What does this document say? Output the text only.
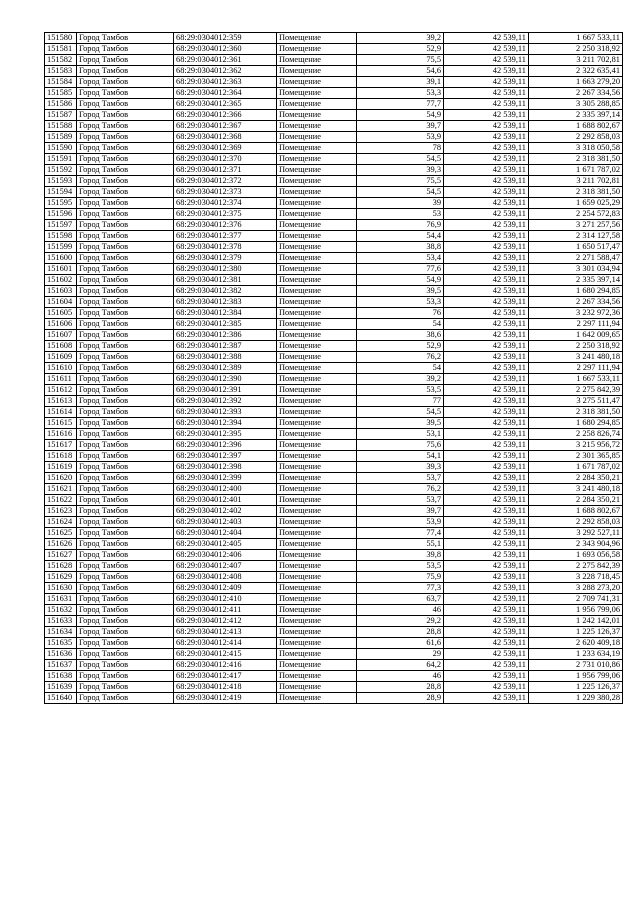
151580	Город Тамбов	68:29:0304012:359	Помещение	39,2	42 539,11	1 667 533,11
151581	Город Тамбов	68:29:0304012:360	Помещение	52,9	42 539,11	2 250 318,92
151582	Город Тамбов	68:29:0304012:361	Помещение	75,5	42 539,11	3 211 702,81
151583	Город Тамбов	68:29:0304012:362	Помещение	54,6	42 539,11	2 322 635,41
151584	Город Тамбов	68:29:0304012:363	Помещение	39,1	42 539,11	1 663 279,20
151585	Город Тамбов	68:29:0304012:364	Помещение	53,3	42 539,11	2 267 334,56
151586	Город Тамбов	68:29:0304012:365	Помещение	77,7	42 539,11	3 305 288,85
151587	Город Тамбов	68:29:0304012:366	Помещение	54,9	42 539,11	2 335 397,14
151588	Город Тамбов	68:29:0304012:367	Помещение	39,7	42 539,11	1 688 802,67
151589	Город Тамбов	68:29:0304012:368	Помещение	53,9	42 539,11	2 292 858,03
151590	Город Тамбов	68:29:0304012:369	Помещение	78	42 539,11	3 318 050,58
151591	Город Тамбов	68:29:0304012:370	Помещение	54,5	42 539,11	2 318 381,50
151592	Город Тамбов	68:29:0304012:371	Помещение	39,3	42 539,11	1 671 787,02
151593	Город Тамбов	68:29:0304012:372	Помещение	75,5	42 539,11	3 211 702,81
151594	Город Тамбов	68:29:0304012:373	Помещение	54,5	42 539,11	2 318 381,50
151595	Город Тамбов	68:29:0304012:374	Помещение	39	42 539,11	1 659 025,29
151596	Город Тамбов	68:29:0304012:375	Помещение	53	42 539,11	2 254 572,83
151597	Город Тамбов	68:29:0304012:376	Помещение	76,9	42 539,11	3 271 257,56
151598	Город Тамбов	68:29:0304012:377	Помещение	54,4	42 539,11	2 314 127,58
151599	Город Тамбов	68:29:0304012:378	Помещение	38,8	42 539,11	1 650 517,47
151600	Город Тамбов	68:29:0304012:379	Помещение	53,4	42 539,11	2 271 588,47
151601	Город Тамбов	68:29:0304012:380	Помещение	77,6	42 539,11	3 301 034,94
151602	Город Тамбов	68:29:0304012:381	Помещение	54,9	42 539,11	2 335 397,14
151603	Город Тамбов	68:29:0304012:382	Помещение	39,5	42 539,11	1 680 294,85
151604	Город Тамбов	68:29:0304012:383	Помещение	53,3	42 539,11	2 267 334,56
151605	Город Тамбов	68:29:0304012:384	Помещение	76	42 539,11	3 232 972,36
151606	Город Тамбов	68:29:0304012:385	Помещение	54	42 539,11	2 297 111,94
151607	Город Тамбов	68:29:0304012:386	Помещение	38,6	42 539,11	1 642 009,65
151608	Город Тамбов	68:29:0304012:387	Помещение	52,9	42 539,11	2 250 318,92
151609	Город Тамбов	68:29:0304012:388	Помещение	76,2	42 539,11	3 241 480,18
151610	Город Тамбов	68:29:0304012:389	Помещение	54	42 539,11	2 297 111,94
151611	Город Тамбов	68:29:0304012:390	Помещение	39,2	42 539,11	1 667 533,11
151612	Город Тамбов	68:29:0304012:391	Помещение	53,5	42 539,11	2 275 842,39
151613	Город Тамбов	68:29:0304012:392	Помещение	77	42 539,11	3 275 511,47
151614	Город Тамбов	68:29:0304012:393	Помещение	54,5	42 539,11	2 318 381,50
151615	Город Тамбов	68:29:0304012:394	Помещение	39,5	42 539,11	1 680 294,85
151616	Город Тамбов	68:29:0304012:395	Помещение	53,1	42 539,11	2 258 826,74
151617	Город Тамбов	68:29:0304012:396	Помещение	75,6	42 539,11	3 215 956,72
151618	Город Тамбов	68:29:0304012:397	Помещение	54,1	42 539,11	2 301 365,85
151619	Город Тамбов	68:29:0304012:398	Помещение	39,3	42 539,11	1 671 787,02
151620	Город Тамбов	68:29:0304012:399	Помещение	53,7	42 539,11	2 284 350,21
151621	Город Тамбов	68:29:0304012:400	Помещение	76,2	42 539,11	3 241 480,18
151622	Город Тамбов	68:29:0304012:401	Помещение	53,7	42 539,11	2 284 350,21
151623	Город Тамбов	68:29:0304012:402	Помещение	39,7	42 539,11	1 688 802,67
151624	Город Тамбов	68:29:0304012:403	Помещение	53,9	42 539,11	2 292 858,03
151625	Город Тамбов	68:29:0304012:404	Помещение	77,4	42 539,11	3 292 527,11
151626	Город Тамбов	68:29:0304012:405	Помещение	55,1	42 539,11	2 343 904,96
151627	Город Тамбов	68:29:0304012:406	Помещение	39,8	42 539,11	1 693 056,58
151628	Город Тамбов	68:29:0304012:407	Помещение	53,5	42 539,11	2 275 842,39
151629	Город Тамбов	68:29:0304012:408	Помещение	75,9	42 539,11	3 228 718,45
151630	Город Тамбов	68:29:0304012:409	Помещение	77,3	42 539,11	3 288 273,20
151631	Город Тамбов	68:29:0304012:410	Помещение	63,7	42 539,11	2 709 741,31
151632	Город Тамбов	68:29:0304012:411	Помещение	46	42 539,11	1 956 799,06
151633	Город Тамбов	68:29:0304012:412	Помещение	29,2	42 539,11	1 242 142,01
151634	Город Тамбов	68:29:0304012:413	Помещение	28,8	42 539,11	1 225 126,37
151635	Город Тамбов	68:29:0304012:414	Помещение	61,6	42 539,11	2 620 409,18
151636	Город Тамбов	68:29:0304012:415	Помещение	29	42 539,11	1 233 634,19
151637	Город Тамбов	68:29:0304012:416	Помещение	64,2	42 539,11	2 731 010,86
151638	Город Тамбов	68:29:0304012:417	Помещение	46	42 539,11	1 956 799,06
151639	Город Тамбов	68:29:0304012:418	Помещение	28,8	42 539,11	1 225 126,37
151640	Город Тамбов	68:29:0304012:419	Помещение	28,9	42 539,11	1 229 380,28
